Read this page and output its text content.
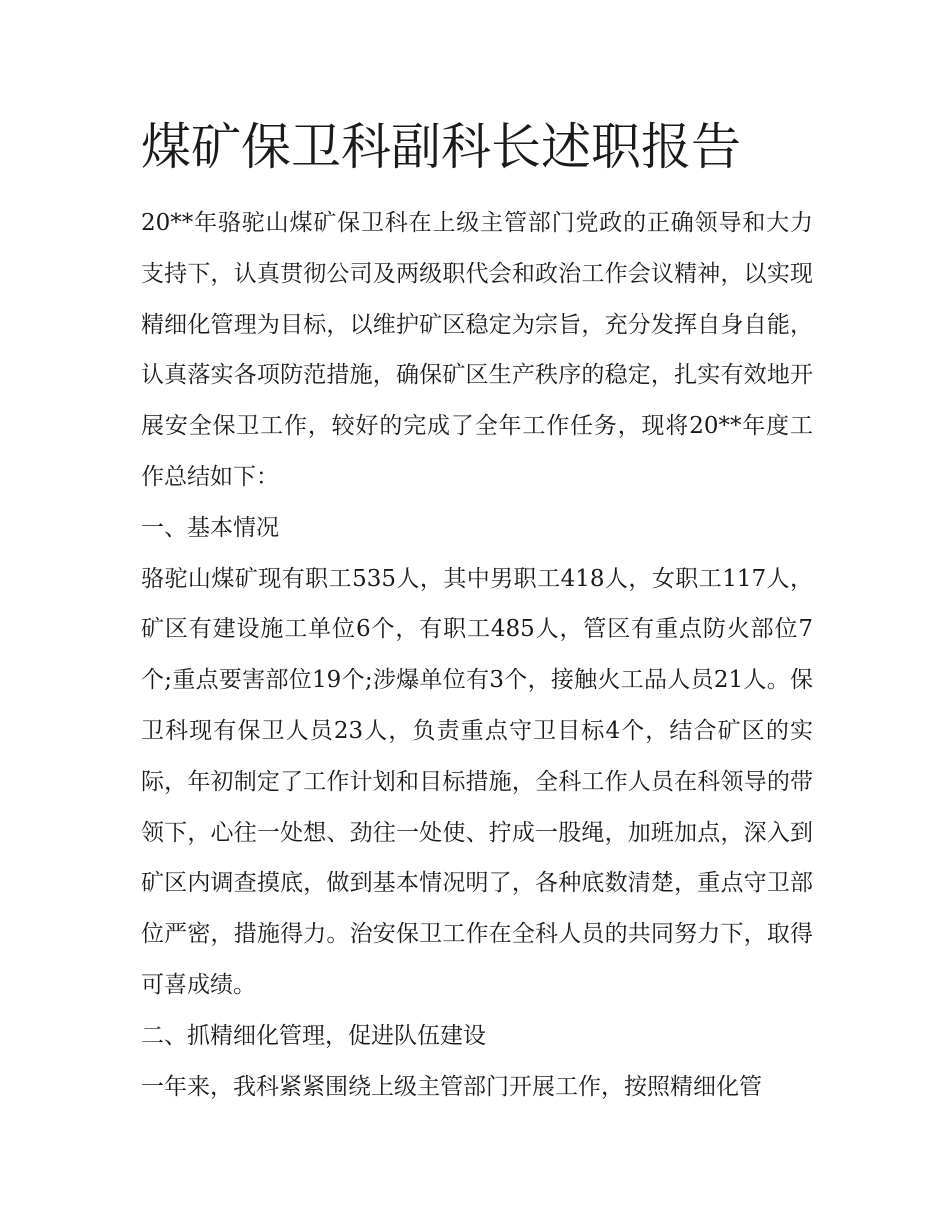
煤矿保卫科副科长述职报告

20**年骆驼山煤矿保卫科在上级主管部门党政的正确领导和大力支持下，认真贯彻公司及两级职代会和政治工作会议精神，以实现精细化管理为目标，以维护矿区稳定为宗旨，充分发挥自身自能，认真落实各项防范措施，确保矿区生产秩序的稳定，扎实有效地开展安全保卫工作，较好的完成了全年工作任务，现将20**年度工作总结如下：

一、基本情况

骆驼山煤矿现有职工535人，其中男职工418人，女职工117人，矿区有建设施工单位6个，有职工485人，管区有重点防火部位7个;重点要害部位19个;涉爆单位有3个，接触火工品人员21人。保卫科现有保卫人员23人，负责重点守卫目标4个，结合矿区的实际，年初制定了工作计划和目标措施，全科工作人员在科领导的带领下，心往一处想、劲往一处使、拧成一股绳，加班加点，深入到矿区内调查摸底，做到基本情况明了，各种底数清楚，重点守卫部位严密，措施得力。治安保卫工作在全科人员的共同努力下，取得可喜成绩。

二、抓精细化管理，促进队伍建设

一年来，我科紧紧围绕上级主管部门开展工作，按照精细化管
